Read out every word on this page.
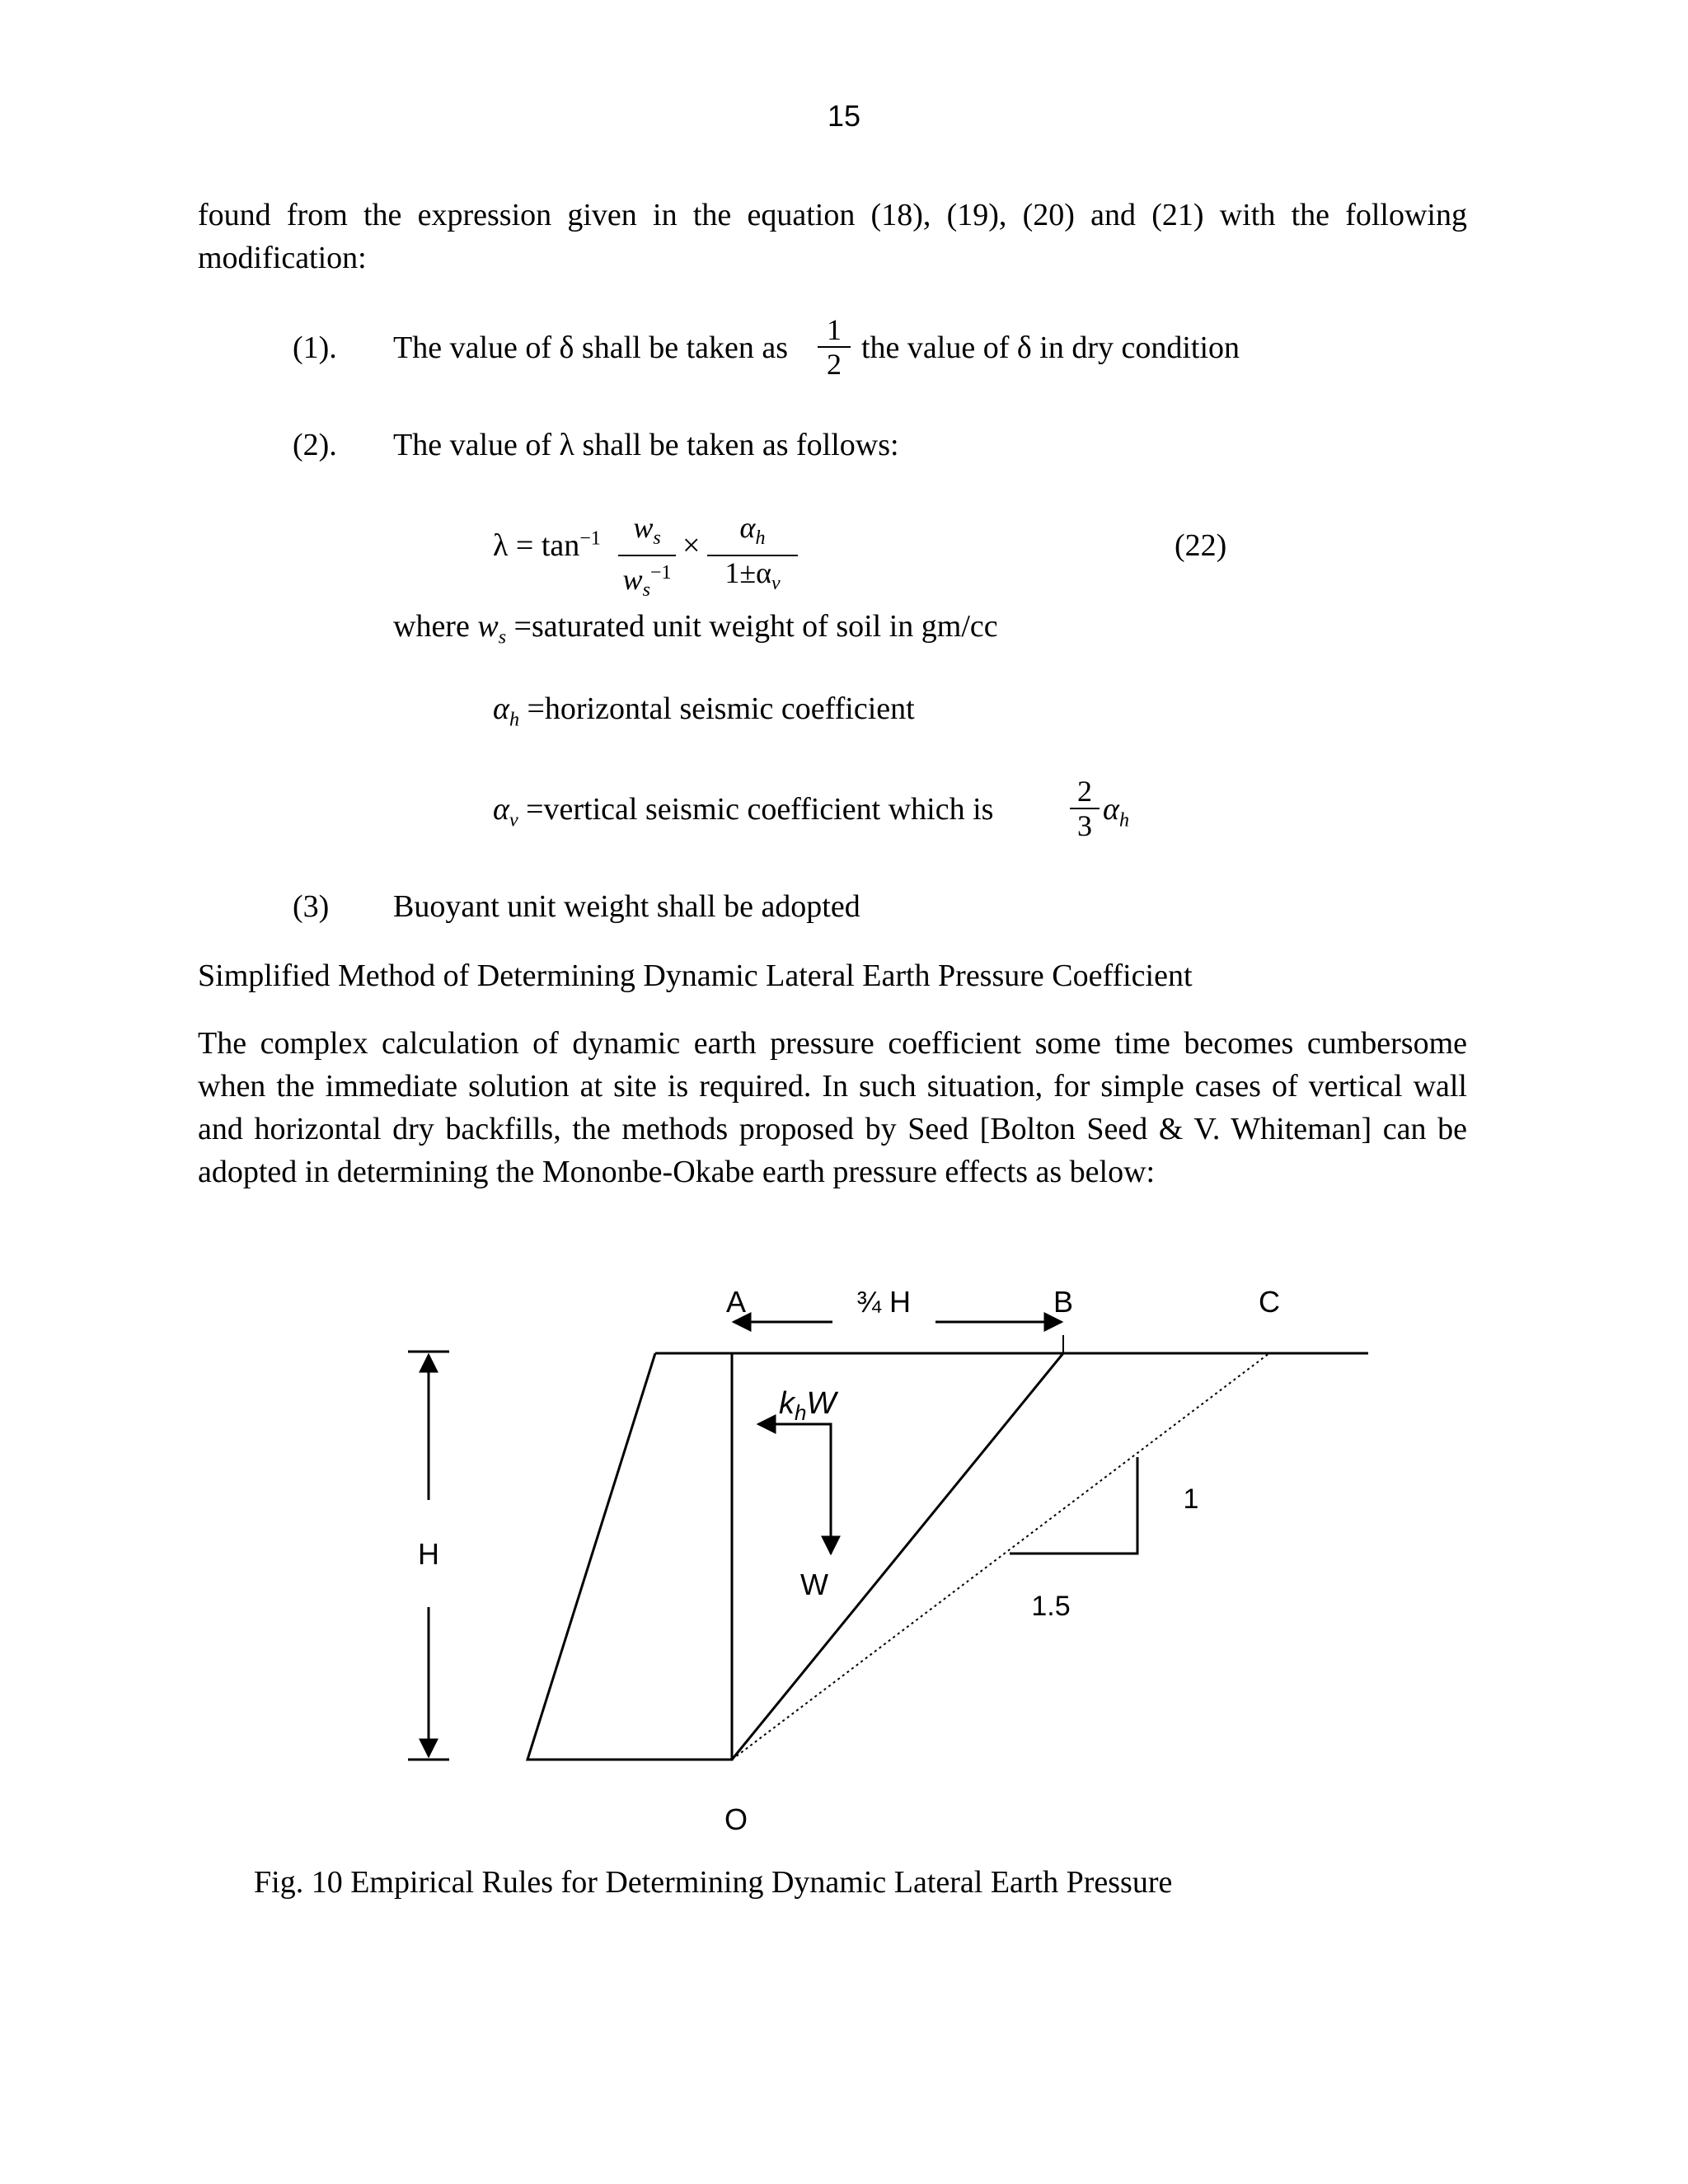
15
found from the expression given in the equation (18), (19), (20) and (21) with the following modification:
(1). The value of δ shall be taken as $\frac{1}{2}$ the value of δ in dry condition
(2). The value of λ shall be taken as follows:
$\lambda = \tan^{-1} \frac{w_s}{w_s^{-1}} \times \frac{\alpha_h}{1\pm\alpha_v}$	(22)
where $w_s$ =saturated unit weight of soil in gm/cc
$\alpha_h$ =horizontal seismic coefficient
$\alpha_v$ =vertical seismic coefficient which is	$\frac{2}{3} \alpha_h$
(3) Buoyant unit weight shall be adopted
Simplified Method of Determining Dynamic Lateral Earth Pressure Coefficient
The complex calculation of dynamic earth pressure coefficient some time becomes cumbersome when the immediate solution at site is required. In such situation, for simple cases of vertical wall and horizontal dry backfills, the methods proposed by Seed [Bolton Seed & V. Whiteman] can be adopted in determining the Mononbe-Okabe earth pressure effects as below:
A	B	C
O
H
¾ H
$k_hW$
W
1
1.5
Fig. 10 Empirical Rules for Determining Dynamic Lateral Earth Pressure
